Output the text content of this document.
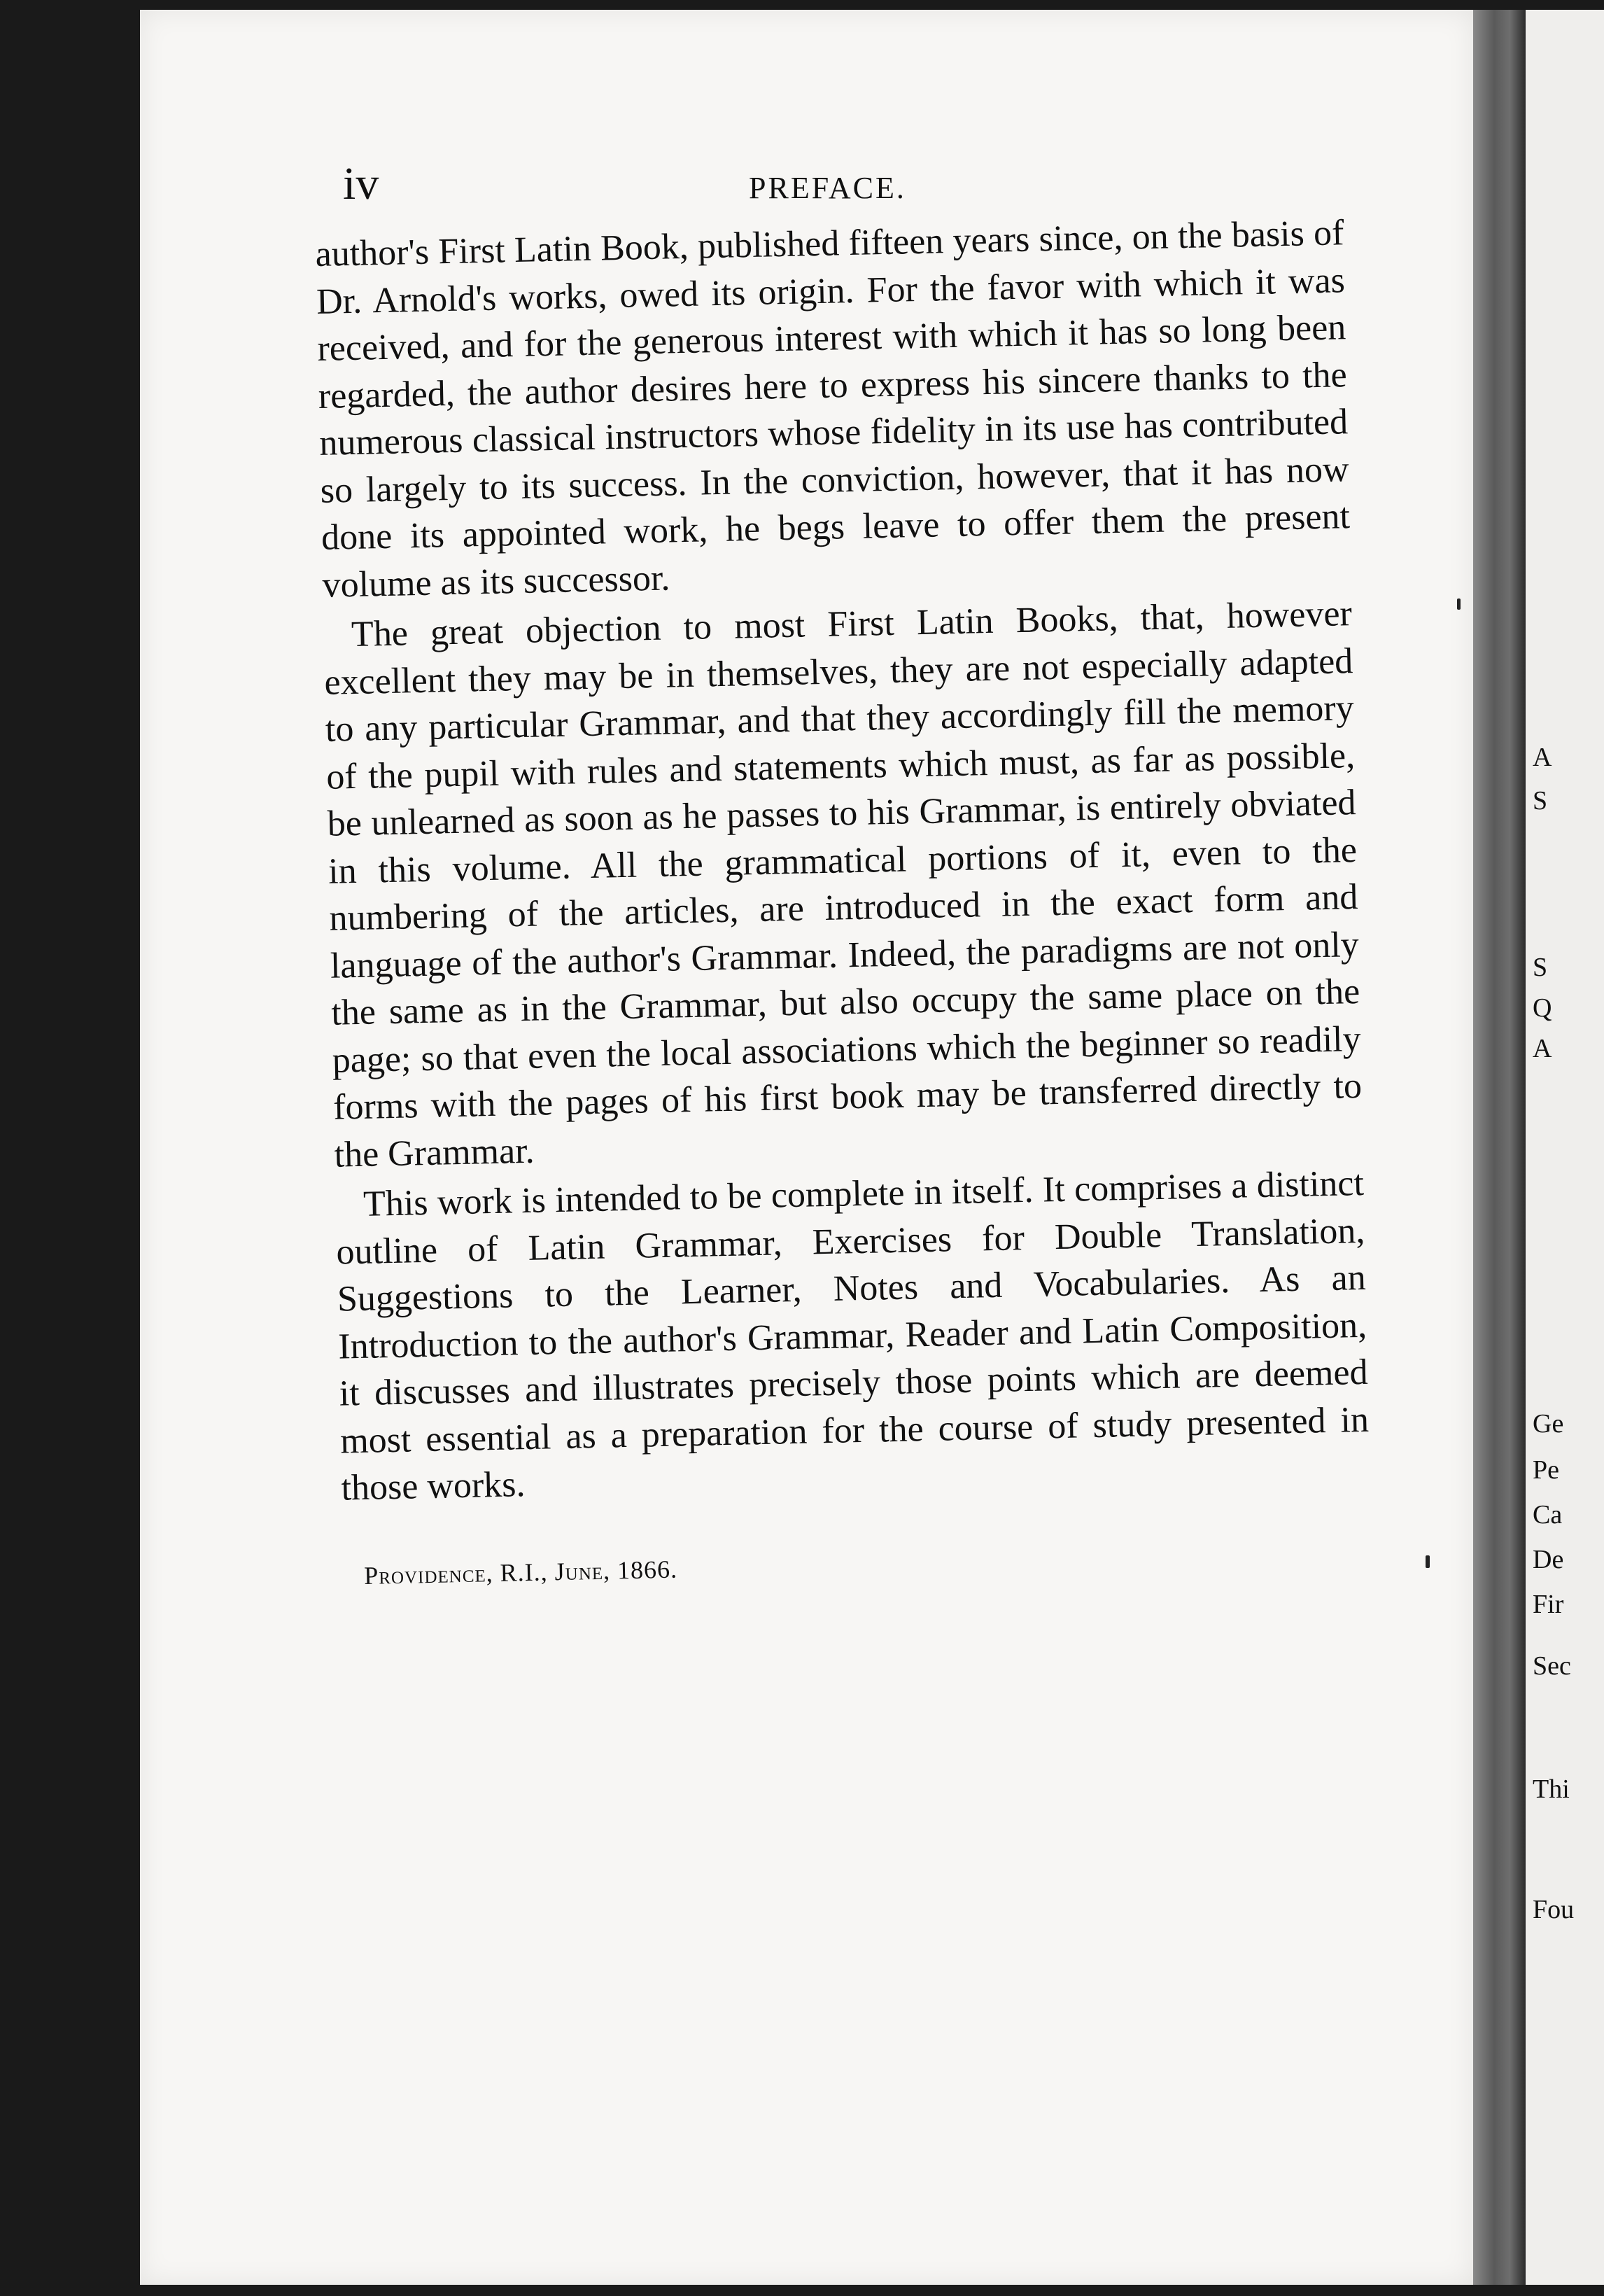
iv	PREFACE.

author's First Latin Book, published fifteen years since, on the basis of Dr. Arnold's works, owed its origin. For the favor with which it was received, and for the generous interest with which it has so long been regarded, the author desires here to express his sincere thanks to the numerous classical instructors whose fidelity in its use has contributed so largely to its success. In the conviction, however, that it has now done its appointed work, he begs leave to offer them the present volume as its successor.

The great objection to most First Latin Books, that, however excellent they may be in themselves, they are not especially adapted to any particular Grammar, and that they accordingly fill the memory of the pupil with rules and statements which must, as far as possible, be unlearned as soon as he passes to his Grammar, is entirely obviated in this volume. All the grammatical portions of it, even to the numbering of the articles, are introduced in the exact form and language of the author's Grammar. Indeed, the paradigms are not only the same as in the Grammar, but also occupy the same place on the page; so that even the local associations which the beginner so readily forms with the pages of his first book may be transferred directly to the Grammar.

This work is intended to be complete in itself. It comprises a distinct outline of Latin Grammar, Exercises for Double Translation, Suggestions to the Learner, Notes and Vocabularies. As an Introduction to the author's Grammar, Reader and Latin Composition, it discusses and illustrates precisely those points which are deemed most essential as a preparation for the course of study presented in those works.

Providence, R.I., June, 1866.
A
S
S
Q
A
Ge
Pe
Ca
De
Fir
Sec
Thi
Fou
